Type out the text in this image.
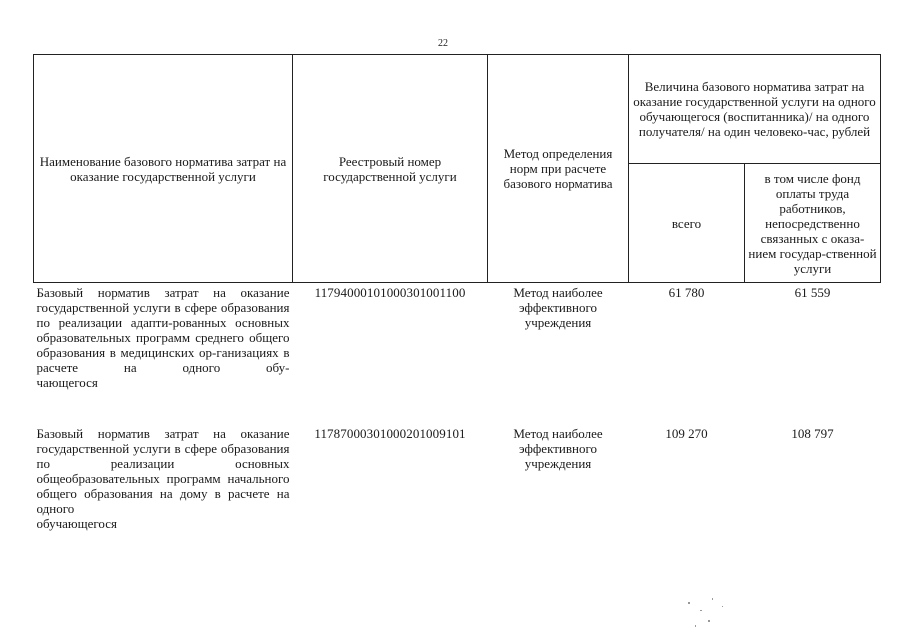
22
Наименование базового норматива затрат на оказание государственной услуги	Реестровый номер государственной услуги	Метод определения норм при расчете базового норматива	Величина базового норматива затрат на оказание государственной услуги на одного обучающегося (воспитанника)/ на одного получателя/ на один человеко-час, рублей	
			всего	в том числе фонд оплаты труда работников, непосредственно связанных с оказа-нием государ-ственной услуги
Базовый норматив затрат на оказание государственной услуги в сфере образования по реализации адапти-рованных основных образовательных программ среднего общего образования в медицинских ор-ганизациях в расчете на одного обу-
чающегося	11794000101000301001100	Метод наиболее эффективного учреждения	61 780	61 559

Базовый норматив затрат на оказание государственной услуги в сфере образования по реализации основных общеобразовательных программ начального общего образования на дому в расчете на одного
обучающегося	11787000301000201009101	Метод наиболее эффективного учреждения	109 270	108 797
